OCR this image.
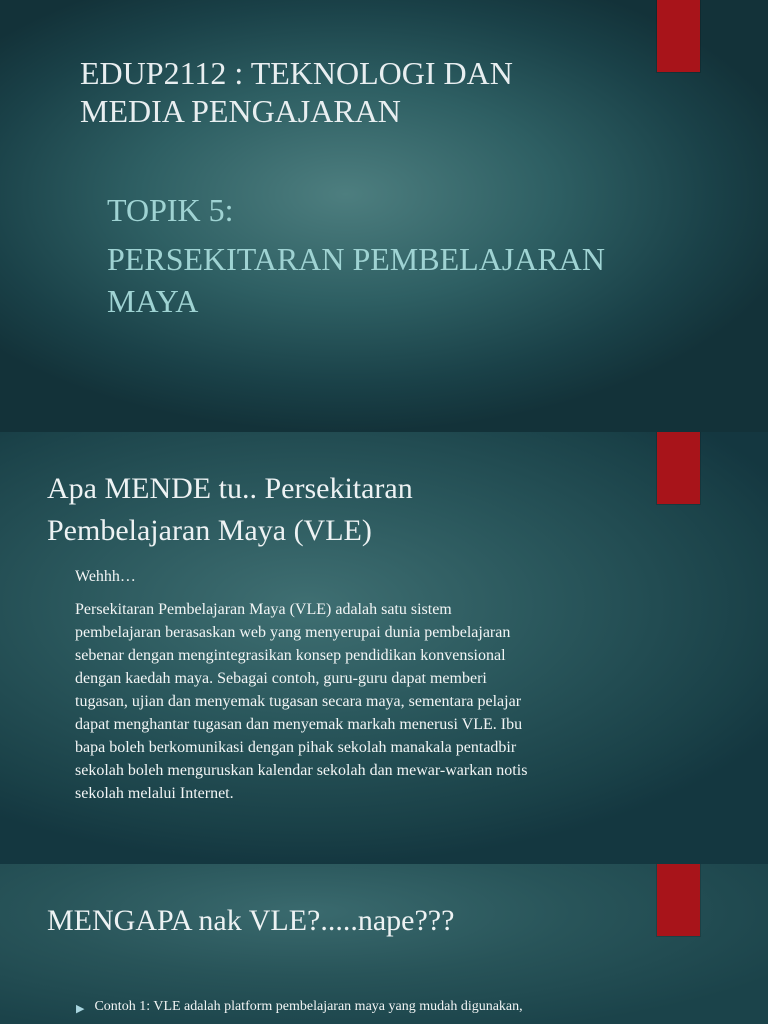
EDUP2112 : TEKNOLOGI DAN
MEDIA PENGAJARAN
TOPIK 5:
PERSEKITARAN PEMBELAJARAN
MAYA
Apa MENDE tu.. Persekitaran
Pembelajaran Maya (VLE)
Wehhh…
Persekitaran Pembelajaran Maya (VLE) adalah satu sistem
pembelajaran berasaskan web yang menyerupai dunia pembelajaran
sebenar dengan mengintegrasikan konsep pendidikan konvensional
dengan kaedah maya. Sebagai contoh, guru-guru dapat memberi
tugasan, ujian dan menyemak tugasan secara maya, sementara pelajar
dapat menghantar tugasan dan menyemak markah menerusi VLE. Ibu
bapa boleh berkomunikasi dengan pihak sekolah manakala pentadbir
sekolah boleh menguruskan kalendar sekolah dan mewar-warkan notis
sekolah melalui Internet.
MENGAPA nak VLE?.....nape???
▶ Contoh 1: VLE adalah platform pembelajaran maya yang mudah digunakan,
